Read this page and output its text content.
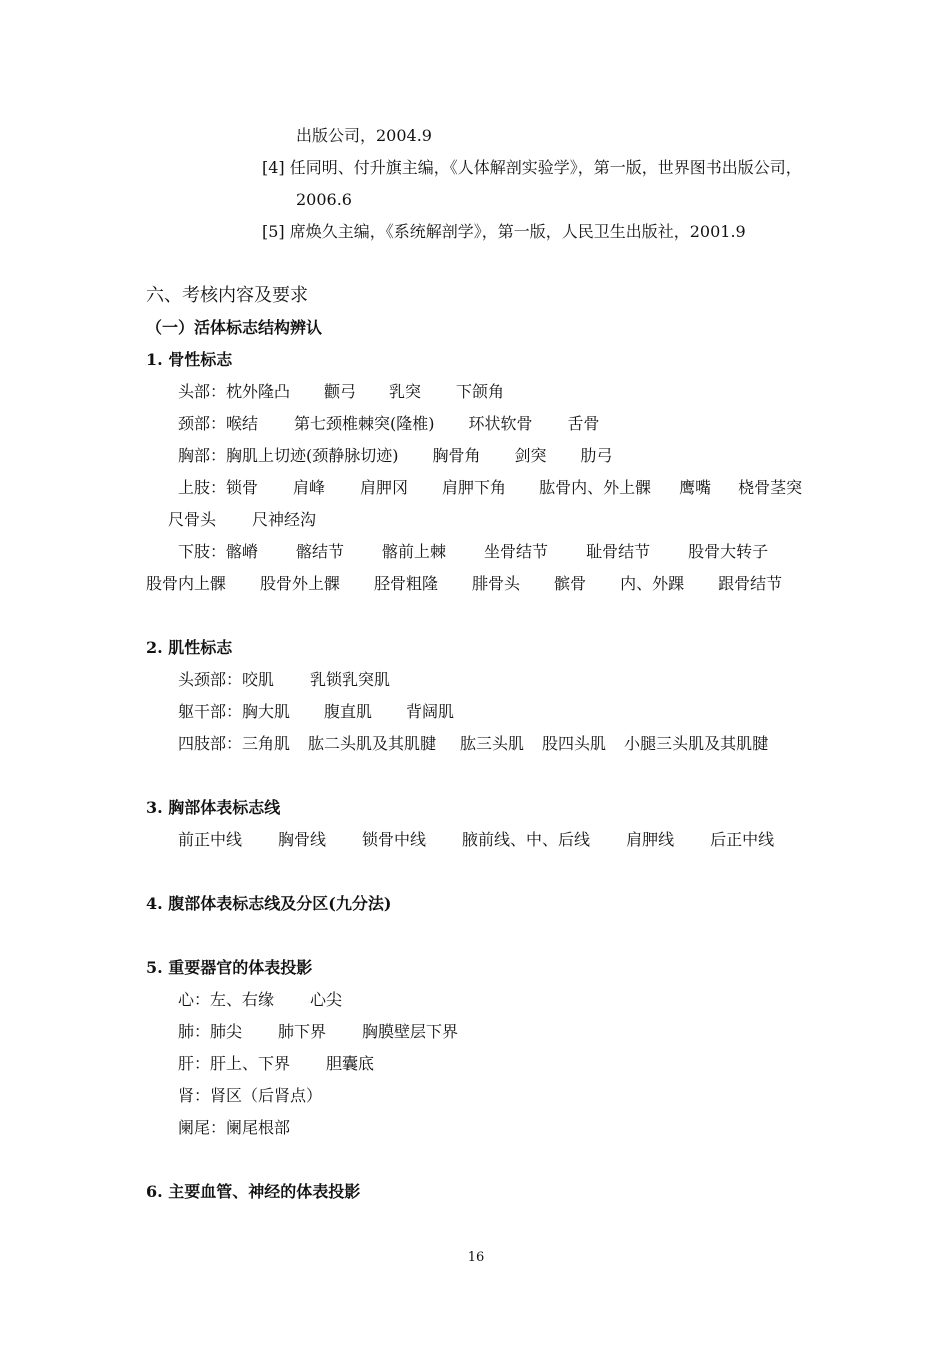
出版公司，2004.9
[4] 任同明、付升旗主编，《人体解剖实验学》，第一版，世界图书出版公司，
2006.6
[5] 席焕久主编，《系统解剖学》，第一版，人民卫生出版社，2001.9
六、考核内容及要求
（一）活体标志结构辨认
1. 骨性标志
头部：枕外隆凸 颧弓 乳突 下颌角
颈部：喉结 第七颈椎棘突(隆椎) 环状软骨 舌骨
胸部：胸肌上切迹(颈静脉切迹) 胸骨角 剑突 肋弓
上肢：锁骨 肩峰 肩胛冈 肩胛下角 肱骨内、外上髁 鹰嘴 桡骨茎突
尺骨头 尺神经沟
下肢：髂嵴 髂结节 髂前上棘 坐骨结节 耻骨结节 股骨大转子
股骨内上髁 股骨外上髁 胫骨粗隆 腓骨头 髌骨 内、外踝 跟骨结节
2. 肌性标志
头颈部：咬肌 乳锁乳突肌
躯干部：胸大肌 腹直肌 背阔肌
四肢部：三角肌 肱二头肌及其肌腱 肱三头肌 股四头肌 小腿三头肌及其肌腱
3. 胸部体表标志线
前正中线 胸骨线 锁骨中线 腋前线、中、后线 肩胛线 后正中线
4. 腹部体表标志线及分区(九分法)
5. 重要器官的体表投影
心：左、右缘 心尖
肺：肺尖 肺下界 胸膜壁层下界
肝：肝上、下界 胆囊底
肾：肾区（后肾点）
阑尾：阑尾根部
6. 主要血管、神经的体表投影
16
